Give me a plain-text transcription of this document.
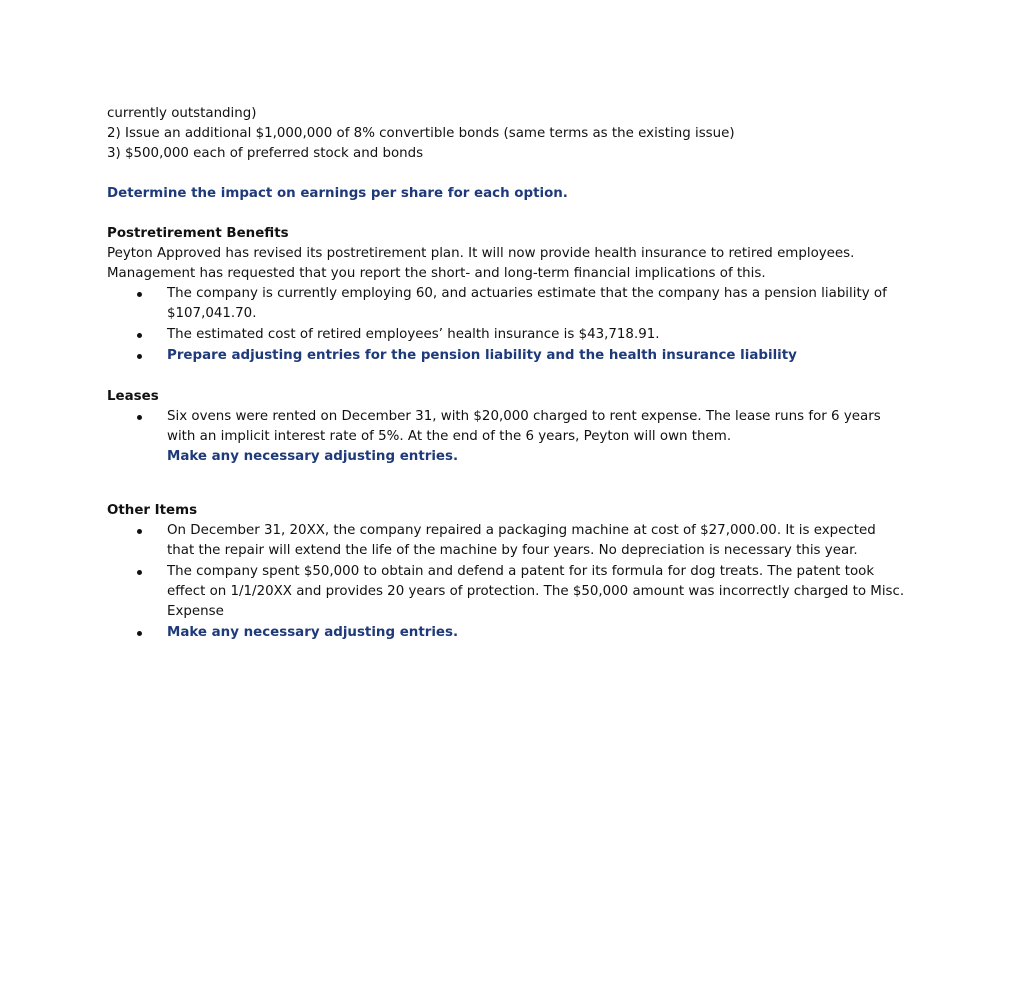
currently outstanding)

2) Issue an additional $1,000,000 of 8% convertible bonds (same terms as the existing issue)

3) $500,000 each of preferred stock and bonds

Determine the impact on earnings per share for each option.

Postretirement Benefits

Peyton Approved has revised its postretirement plan. It will now provide health insurance to retired employees. Management has requested that you report the short- and long-term financial implications of this.

The company is currently employing 60, and actuaries estimate that the company has a pension liability of $107,041.70.
The estimated cost of retired employees’ health insurance is $43,718.91.
Prepare adjusting entries for the pension liability and the health insurance liability

Leases

Six ovens were rented on December 31, with $20,000 charged to rent expense. The lease runs for 6 years with an implicit interest rate of 5%. At the end of the 6 years, Peyton will own them.
Make any necessary adjusting entries.

Other Items

On December 31, 20XX, the company repaired a packaging machine at cost of $27,000.00. It is expected that the repair will extend the life of the machine by four years. No depreciation is necessary this year.
The company spent $50,000 to obtain and defend a patent for its formula for dog treats. The patent took effect on 1/1/20XX and provides 20 years of protection. The $50,000 amount was incorrectly charged to Misc. Expense
Make any necessary adjusting entries.
